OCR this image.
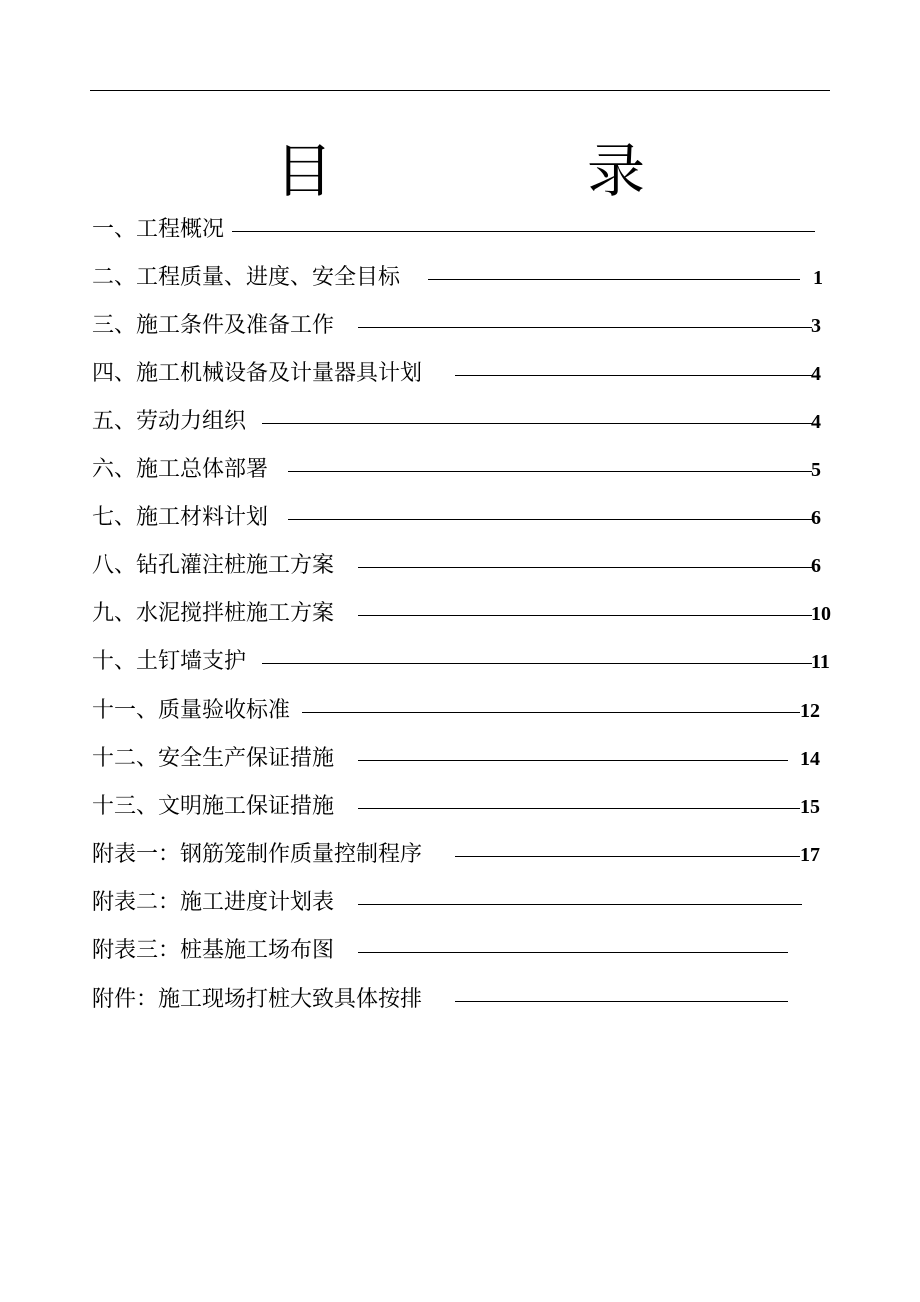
目　录
一、工程概况
二、工程质量、进度、安全目标	1
三、施工条件及准备工作	3
四、施工机械设备及计量器具计划	4
五、劳动力组织	4
六、施工总体部署	5
七、施工材料计划	6
八、钻孔灌注桩施工方案	6
九、水泥搅拌桩施工方案	10
十、土钉墙支护	11
十一、质量验收标准	12
十二、安全生产保证措施	14
十三、文明施工保证措施	15
附表一：钢筋笼制作质量控制程序	17
附表二：施工进度计划表
附表三：桩基施工场布图
附件：施工现场打桩大致具体按排
